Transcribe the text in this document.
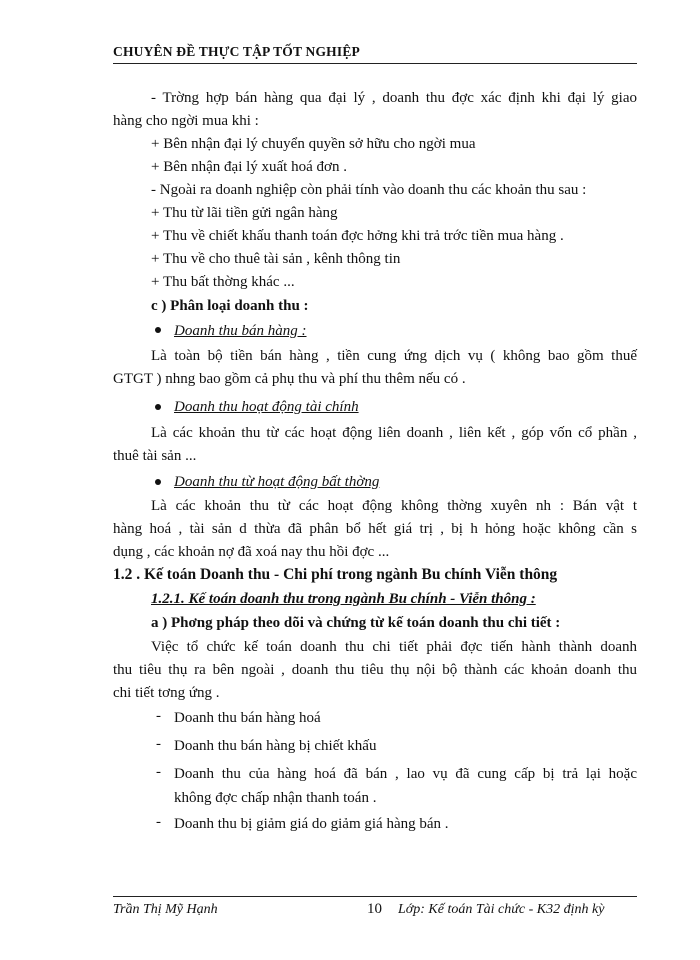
CHUYÊN ĐỀ THỰC TẬP TỐT NGHIỆP
- Trờng hợp bán hàng qua đại lý , doanh thu đợc xác định khi đại lý giao
hàng cho ngời mua khi :
+ Bên nhận đại lý chuyển quyền sở hữu cho ngời mua
+ Bên nhận đại lý xuất hoá đơn .
- Ngoài ra doanh nghiệp còn phải tính vào doanh thu các khoản thu sau :
+ Thu từ lãi tiền gửi ngân hàng
+ Thu về chiết khấu thanh toán đợc hởng khi trả trớc tiền mua hàng .
+ Thu về cho thuê tài sản , kênh thông tin
+ Thu bất thờng khác ...
c ) Phân loại doanh thu :
Doanh thu bán hàng :
Là toàn bộ tiền bán hàng , tiền cung ứng dịch vụ ( không bao gồm thuế
GTGT ) nhng bao gồm cả phụ thu và phí thu thêm nếu có .
Doanh thu hoạt động tài chính
Là các khoản thu từ các hoạt động liên doanh , liên kết , góp vốn cổ phần ,
thuê tài sản ...
Doanh thu từ hoạt động bất thờng
Là các khoản thu từ các hoạt động không thờng xuyên nh : Bán vật t
hàng hoá , tài sản d thừa đã phân bổ hết giá trị , bị h hỏng hoặc không cần s
dụng , các khoản nợ đã xoá nay thu hồi đợc ...
1.2 . Kế toán Doanh thu - Chi phí trong ngành Bu chính Viễn thông
1.2.1. Kế toán doanh thu trong ngành Bu chính - Viễn thông :
a ) Phơng pháp theo dõi và chứng từ kế toán doanh thu chi tiết :
Việc tổ chức kế toán doanh thu chi tiết phải đợc tiến hành thành doanh
thu tiêu thụ ra bên ngoài , doanh thu tiêu thụ nội bộ thành các khoản doanh thu
chi tiết tơng ứng .
- Doanh thu bán hàng hoá
- Doanh thu bán hàng bị chiết khấu
- Doanh thu của hàng hoá đã bán , lao vụ đã cung cấp bị trả lại hoặc
không đợc chấp nhận thanh toán .
- Doanh thu bị giảm giá do giảm giá hàng bán .
Trần Thị Mỹ Hạnh	10 Lớp: Kế toán Tài chức - K32 định kỳ
